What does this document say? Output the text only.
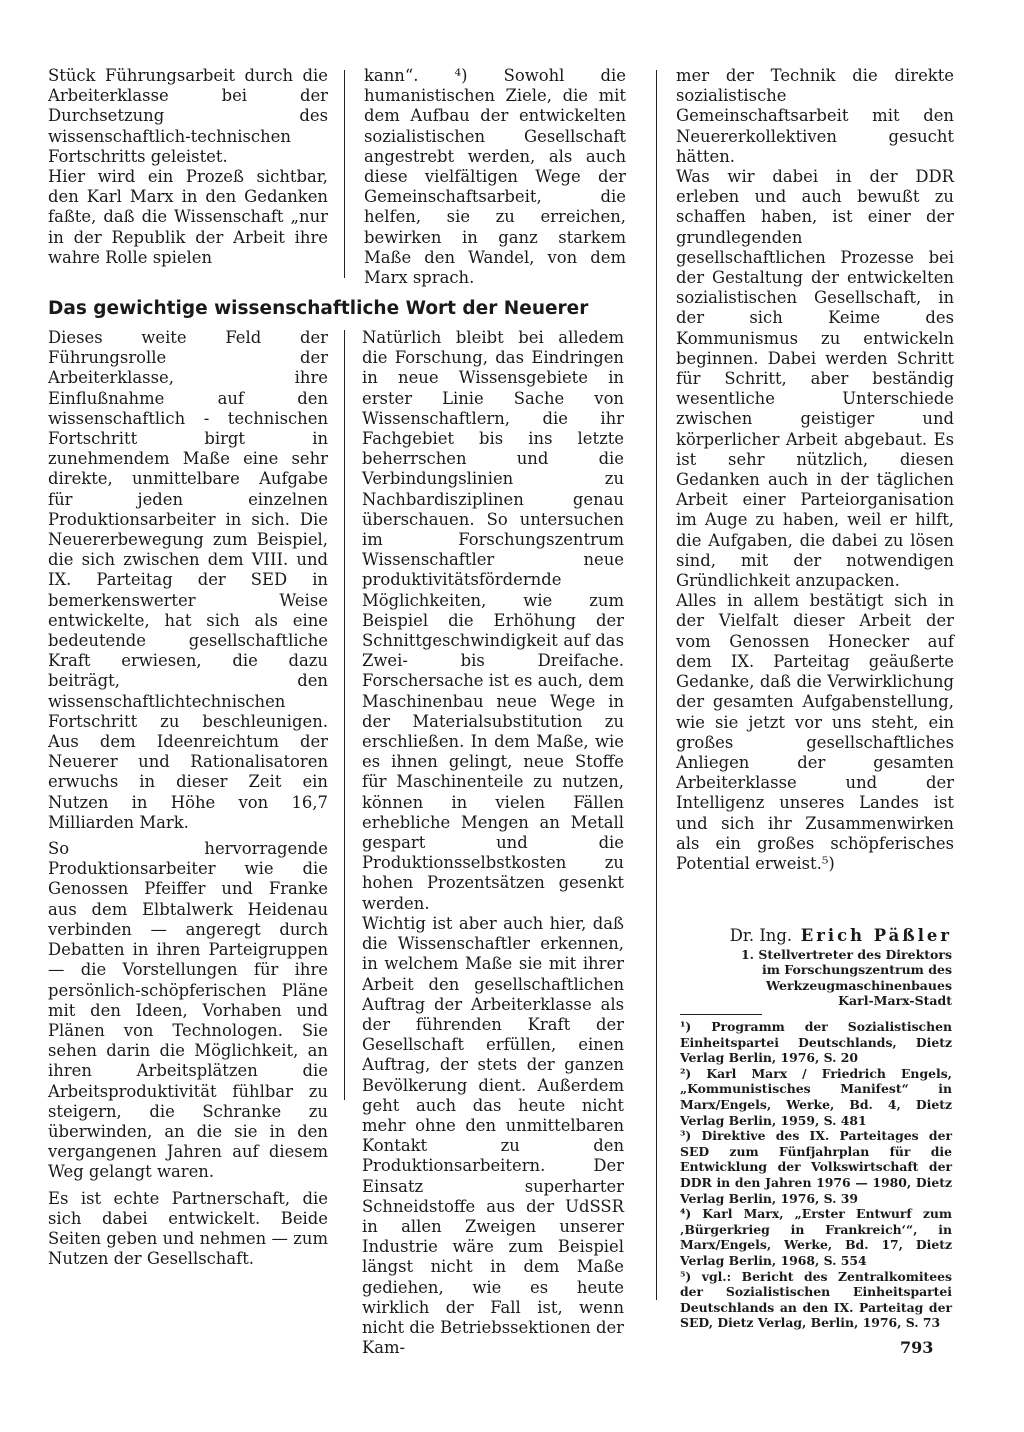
Stück Führungsarbeit durch die Arbeiterklasse bei der Durchsetzung des wissenschaftlich-technischen Fortschritts geleistet.

Hier wird ein Prozeß sichtbar, den Karl Marx in den Gedanken faßte, daß die Wissenschaft „nur in der Republik der Arbeit ihre wahre Rolle spielen

kann“. ⁴) Sowohl die humanistischen Ziele, die mit dem Aufbau der entwickelten sozialistischen Gesellschaft angestrebt werden, als auch diese vielfältigen Wege der Gemeinschaftsarbeit, die helfen, sie zu erreichen, bewirken in ganz starkem Maße den Wandel, von dem Marx sprach.

Das gewichtige wissenschaftliche Wort der Neuerer

Dieses weite Feld der Führungsrolle der Arbeiterklasse, ihre Einflußnahme auf den wissenschaftlich - technischen Fortschritt birgt in zunehmendem Maße eine sehr direkte, unmittelbare Aufgabe für jeden einzelnen Produktionsarbeiter in sich. Die Neuererbewegung zum Beispiel, die sich zwischen dem VIII. und IX. Parteitag der SED in bemerkenswerter Weise entwickelte, hat sich als eine bedeutende gesellschaftliche Kraft erwiesen, die dazu beiträgt, den wissenschaftlichtechnischen Fortschritt zu beschleunigen. Aus dem Ideenreichtum der Neuerer und Rationalisatoren erwuchs in dieser Zeit ein Nutzen in Höhe von 16,7 Milliarden Mark.

So hervorragende Produktionsarbeiter wie die Genossen Pfeiffer und Franke aus dem Elbtalwerk Heidenau verbinden — angeregt durch Debatten in ihren Parteigruppen — die Vorstellungen für ihre persönlich-schöpferischen Pläne mit den Ideen, Vorhaben und Plänen von Technologen. Sie sehen darin die Möglichkeit, an ihren Arbeitsplätzen die Arbeitsproduktivität fühlbar zu steigern, die Schranke zu überwinden, an die sie in den vergangenen Jahren auf diesem Weg gelangt waren.

Es ist echte Partnerschaft, die sich dabei entwickelt. Beide Seiten geben und nehmen — zum Nutzen der Gesellschaft.

Natürlich bleibt bei alledem die Forschung, das Eindringen in neue Wissensgebiete in erster Linie Sache von Wissenschaftlern, die ihr Fachgebiet bis ins letzte beherrschen und die Verbindungslinien zu Nachbardisziplinen genau überschauen. So untersuchen im Forschungszentrum Wissenschaftler neue produktivitätsfördernde Möglichkeiten, wie zum Beispiel die Erhöhung der Schnittgeschwindigkeit auf das Zwei- bis Dreifache. Forschersache ist es auch, dem Maschinenbau neue Wege in der Materialsubstitution zu erschließen. In dem Maße, wie es ihnen gelingt, neue Stoffe für Maschinenteile zu nutzen, können in vielen Fällen erhebliche Mengen an Metall gespart und die Produktionsselbstkosten zu hohen Prozentsätzen gesenkt werden.

Wichtig ist aber auch hier, daß die Wissenschaftler erkennen, in welchem Maße sie mit ihrer Arbeit den gesellschaftlichen Auftrag der Arbeiterklasse als der führenden Kraft der Gesellschaft erfüllen, einen Auftrag, der stets der ganzen Bevölkerung dient. Außerdem geht auch das heute nicht mehr ohne den unmittelbaren Kontakt zu den Produktionsarbeitern. Der Einsatz superharter Schneidstoffe aus der UdSSR in allen Zweigen unserer Industrie wäre zum Beispiel längst nicht in dem Maße gediehen, wie es heute wirklich der Fall ist, wenn nicht die Betriebssektionen der Kam-

mer der Technik die direkte sozialistische Gemeinschaftsarbeit mit den Neuererkollektiven gesucht hätten.

Was wir dabei in der DDR erleben und auch bewußt zu schaffen haben, ist einer der grundlegenden gesellschaftlichen Prozesse bei der Gestaltung der entwickelten sozialistischen Gesellschaft, in der sich Keime des Kommunismus zu entwickeln beginnen. Dabei werden Schritt für Schritt, aber beständig wesentliche Unterschiede zwischen geistiger und körperlicher Arbeit abgebaut. Es ist sehr nützlich, diesen Gedanken auch in der täglichen Arbeit einer Parteiorganisation im Auge zu haben, weil er hilft, die Aufgaben, die dabei zu lösen sind, mit der notwendigen Gründlichkeit anzupacken.

Alles in allem bestätigt sich in der Vielfalt dieser Arbeit der vom Genossen Honecker auf dem IX. Parteitag geäußerte Gedanke, daß die Verwirklichung der gesamten Aufgabenstellung, wie sie jetzt vor uns steht, ein großes gesellschaftliches Anliegen der gesamten Arbeiterklasse und der Intelligenz unseres Landes ist und sich ihr Zusammenwirken als ein großes schöpferisches Potential erweist.⁵)

Dr. Ing. Erich Päßler
1. Stellvertreter des Direktors
im Forschungszentrum des
Werkzeugmaschinenbaues
Karl-Marx-Stadt

¹) Programm der Sozialistischen Einheitspartei Deutschlands, Dietz Verlag Berlin, 1976, S. 20

²) Karl Marx / Friedrich Engels, „Kommunistisches Manifest“ in Marx/Engels, Werke, Bd. 4, Dietz Verlag Berlin, 1959, S. 481

³) Direktive des IX. Parteitages der SED zum Fünfjahrplan für die Entwicklung der Volkswirtschaft der DDR in den Jahren 1976 — 1980, Dietz Verlag Berlin, 1976, S. 39

⁴) Karl Marx, „Erster Entwurf zum ‚Bürgerkrieg in Frankreich‘“, in Marx/Engels, Werke, Bd. 17, Dietz Verlag Berlin, 1968, S. 554

⁵) vgl.: Bericht des Zentralkomitees der Sozialistischen Einheitspartei Deutschlands an den IX. Parteitag der SED, Dietz Verlag, Berlin, 1976, S. 73

793
